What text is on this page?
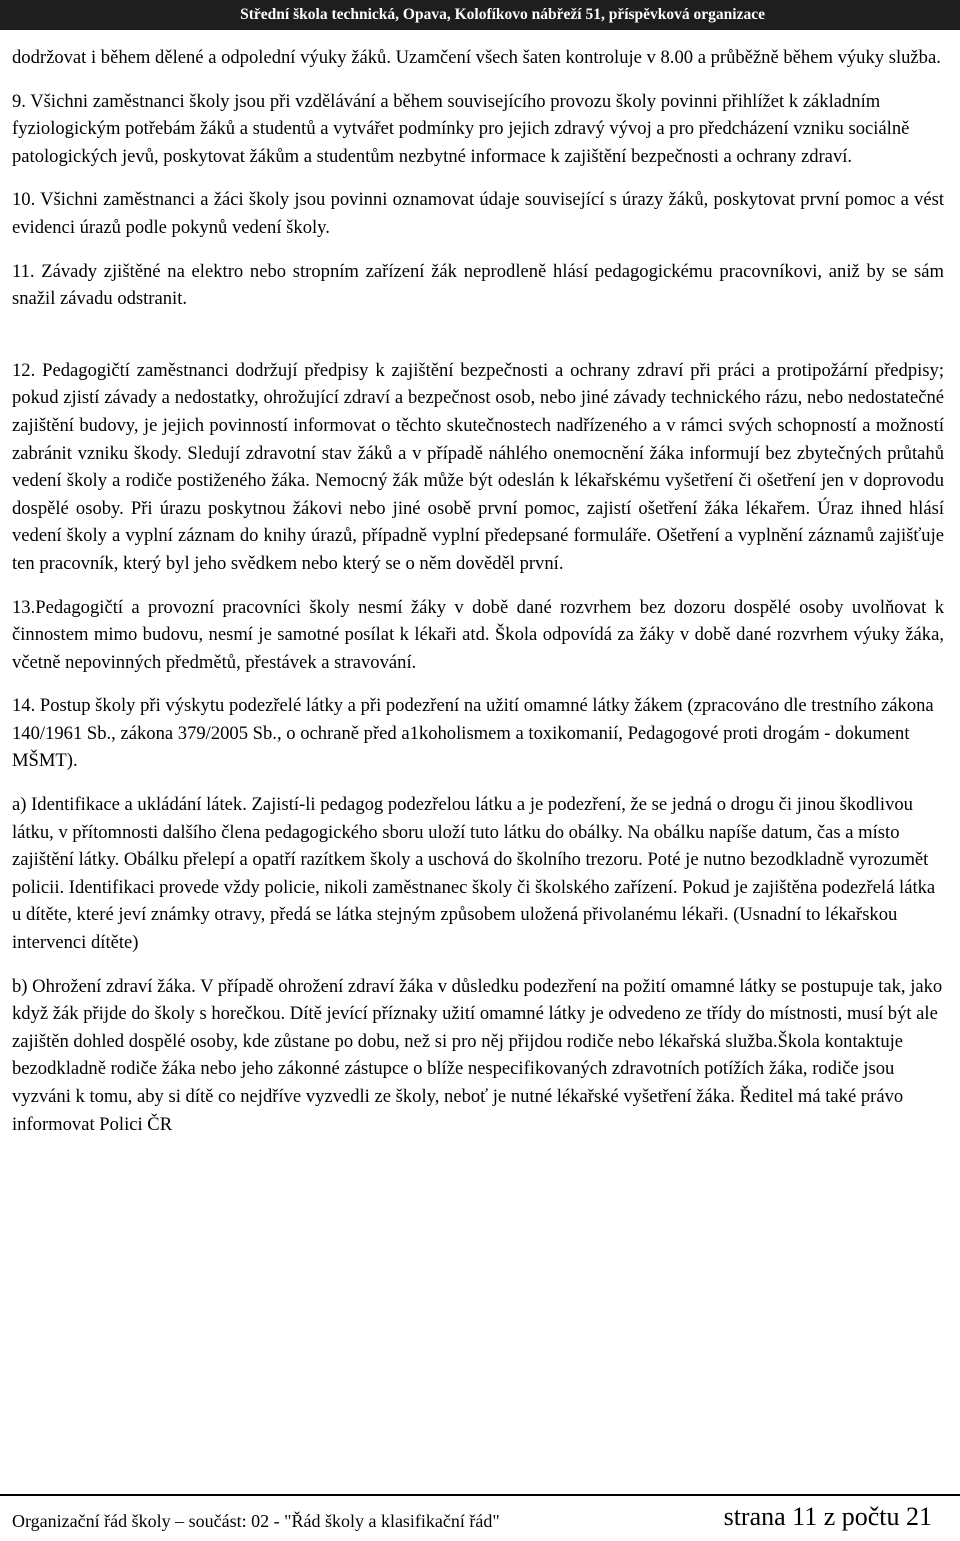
Střední škola technická, Opava, Kolofíkovo nábřeží 51, příspěvková organizace

dodržovat i během dělené a odpolední výuky žáků. Uzamčení všech šaten kontroluje v 8.00 a průběžně během výuky služba.

9. Všichni zaměstnanci školy jsou při vzdělávání a během souvisejícího provozu školy povinni přihlížet k základním fyziologickým potřebám žáků a studentů a vytvářet podmínky pro jejich zdravý vývoj a pro předcházení vzniku sociálně patologických jevů, poskytovat žákům a studentům nezbytné informace k zajištění bezpečnosti a ochrany zdraví.

10. Všichni zaměstnanci a žáci školy jsou povinni oznamovat údaje související s úrazy žáků, poskytovat první pomoc a vést evidenci úrazů podle pokynů vedení školy.

11. Závady zjištěné na elektro nebo stropním zařízení žák neprodleně hlásí pedagogickému pracovníkovi, aniž by se sám snažil závadu odstranit.

12. Pedagogičtí zaměstnanci dodržují předpisy k zajištění bezpečnosti a ochrany zdraví při práci a protipožární předpisy; pokud zjistí závady a nedostatky, ohrožující zdraví a bezpečnost osob, nebo jiné závady technického rázu, nebo nedostatečné zajištění budovy, je jejich povinností informovat o těchto skutečnostech nadřízeného a v rámci svých schopností a možností zabránit vzniku škody. Sledují zdravotní stav žáků a v případě náhlého onemocnění žáka informují bez zbytečných průtahů vedení školy a rodiče postiženého žáka. Nemocný žák může být odeslán k lékařskému vyšetření či ošetření jen v doprovodu dospělé osoby. Při úrazu poskytnou žákovi nebo jiné osobě první pomoc, zajistí ošetření žáka lékařem. Úraz ihned hlásí vedení školy a vyplní záznam do knihy úrazů, případně vyplní předepsané formuláře. Ošetření a vyplnění záznamů zajišťuje ten pracovník, který byl jeho svědkem nebo který se o něm dověděl první.

13.Pedagogičtí a provozní pracovníci školy nesmí žáky v době dané rozvrhem bez dozoru dospělé osoby uvolňovat k činnostem mimo budovu, nesmí je samotné posílat k lékaři atd. Škola odpovídá za žáky v době dané rozvrhem výuky žáka, včetně nepovinných předmětů, přestávek a stravování.

14. Postup školy při výskytu podezřelé látky a při podezření na užití omamné látky žákem (zpracováno dle trestního zákona 140/1961 Sb., zákona 379/2005 Sb., o ochraně před a1koholismem a toxikomanií, Pedagogové proti drogám - dokument MŠMT).

a) Identifikace a ukládání látek. Zajistí-li pedagog podezřelou látku a je podezření, že se jedná o drogu či jinou škodlivou látku, v přítomnosti dalšího člena pedagogického sboru uloží tuto látku do obálky. Na obálku napíše datum, čas a místo zajištění látky. Obálku přelepí a opatří razítkem školy a uschová do školního trezoru. Poté je nutno bezodkladně vyrozumět policii. Identifikaci provede vždy policie, nikoli zaměstnanec školy či školského zařízení. Pokud je zajištěna podezřelá látka u dítěte, které jeví známky otravy, předá se látka stejným způsobem uložená přivolanému lékaři. (Usnadní to lékařskou intervenci dítěte)

b) Ohrožení zdraví žáka. V případě ohrožení zdraví žáka v důsledku podezření na požití omamné látky se postupuje tak, jako když žák přijde do školy s horečkou. Dítě jevící příznaky užití omamné látky je odvedeno ze třídy do místnosti, musí být ale zajištěn dohled dospělé osoby, kde zůstane po dobu, než si pro něj přijdou rodiče nebo lékařská služba.Škola kontaktuje bezodkladně rodiče žáka nebo jeho zákonné zástupce o blíže nespecifikovaných zdravotních potížích žáka, rodiče jsou vyzváni k tomu, aby si dítě co nejdříve vyzvedli ze školy, neboť je nutné lékařské vyšetření žáka. Ředitel má také právo informovat Polici ČR

Organizační řád školy – součást: 02 - "Řád školy a klasifikační řád"	strana 11 z počtu 21
